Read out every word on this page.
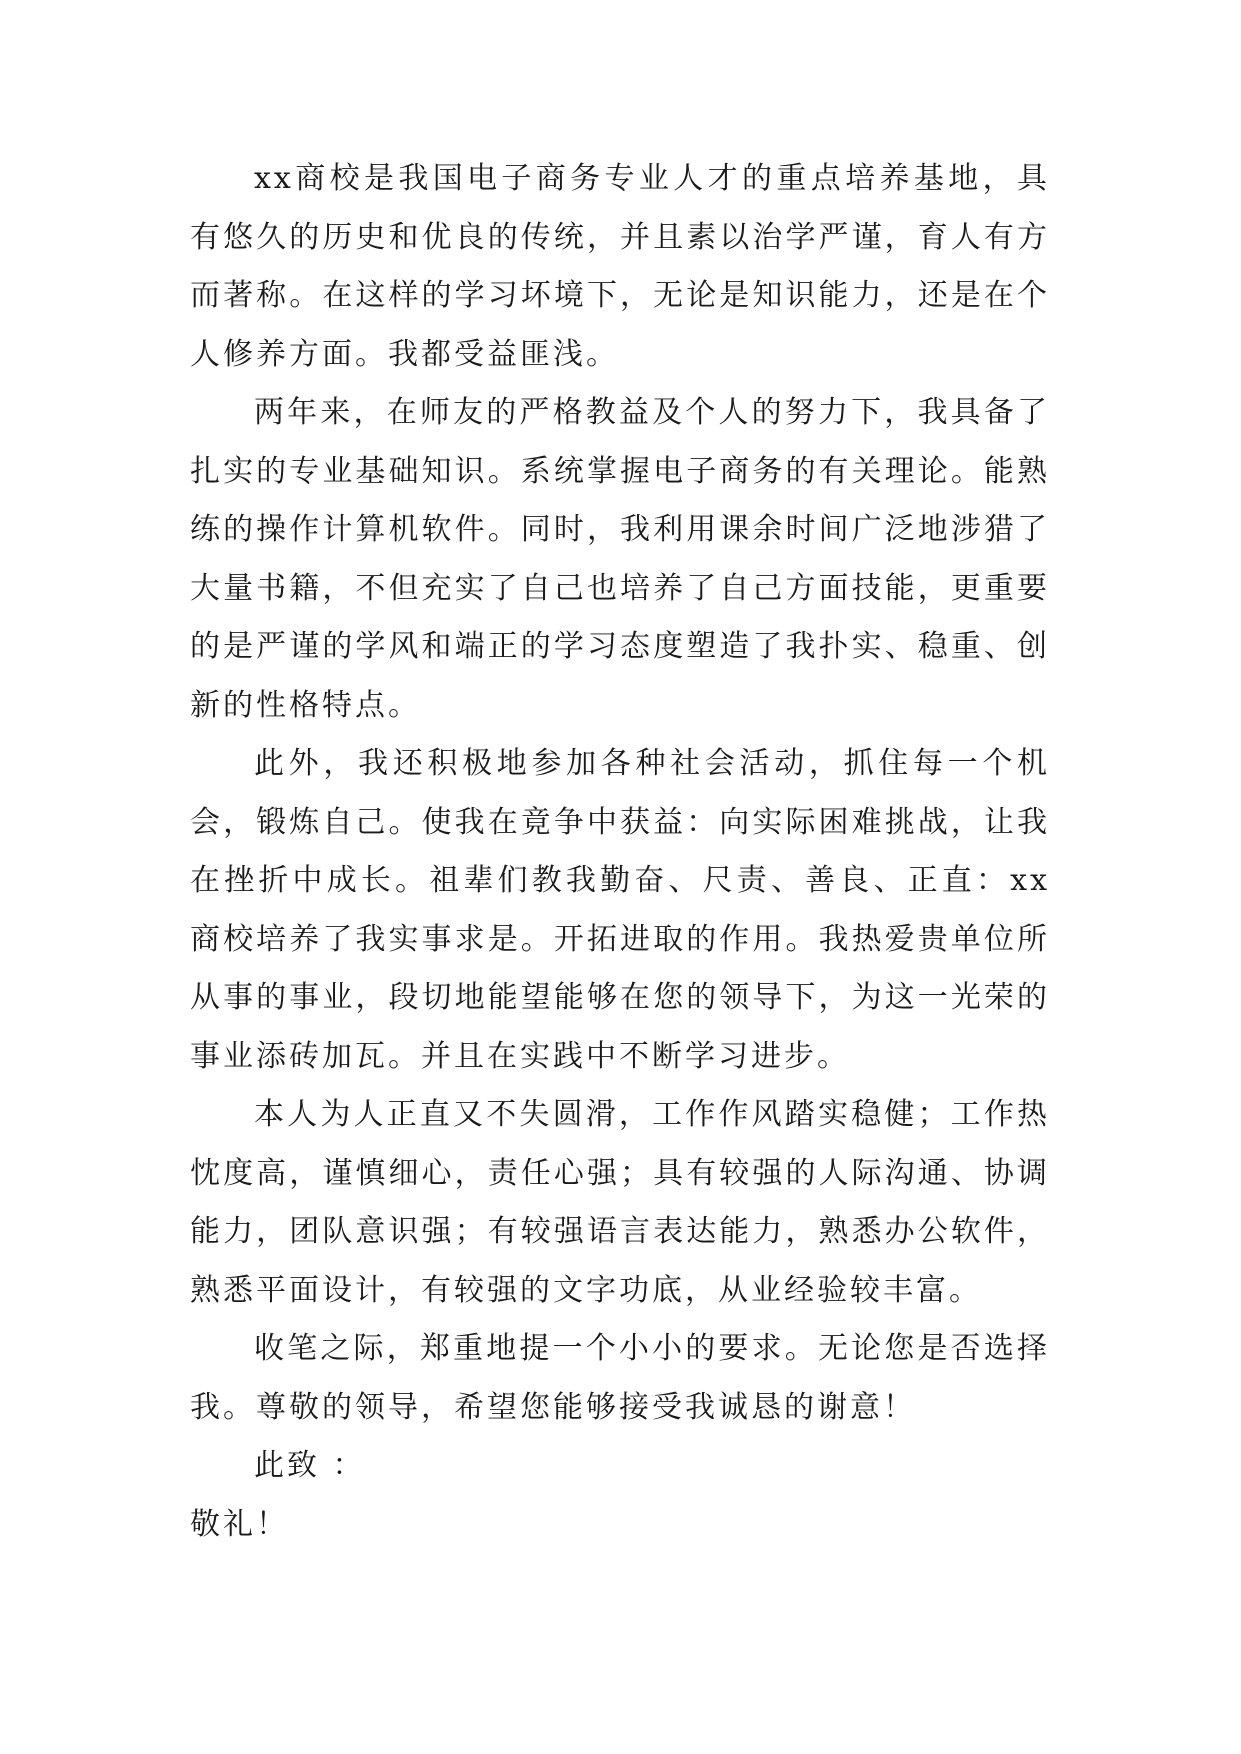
xx商校是我国电子商务专业人才的重点培养基地，具有悠久的历史和优良的传统，并且素以治学严谨，育人有方而著称。在这样的学习坏境下，无论是知识能力，还是在个人修养方面。我都受益匪浅。

两年来，在师友的严格教益及个人的努力下，我具备了扎实的专业基础知识。系统掌握电子商务的有关理论。能熟练的操作计算机软件。同时，我利用课余时间广泛地涉猎了大量书籍，不但充实了自己也培养了自己方面技能，更重要的是严谨的学风和端正的学习态度塑造了我扑实、稳重、创新的性格特点。

此外，我还积极地参加各种社会活动，抓住每一个机会，锻炼自己。使我在竟争中获益：向实际困难挑战，让我在挫折中成长。祖辈们教我勤奋、尺责、善良、正直：xx商校培养了我实事求是。开拓进取的作用。我热爱贵单位所从事的事业，段切地能望能够在您的领导下，为这一光荣的事业添砖加瓦。并且在实践中不断学习进步。

本人为人正直又不失圆滑，工作作风踏实稳健；工作热忱度高，谨慎细心，责任心强；具有较强的人际沟通、协调能力，团队意识强；有较强语言表达能力，熟悉办公软件，熟悉平面设计，有较强的文字功底，从业经验较丰富。

收笔之际，郑重地提一个小小的要求。无论您是否选择我。尊敬的领导，希望您能够接受我诚恳的谢意！

此致 ：

敬礼！
